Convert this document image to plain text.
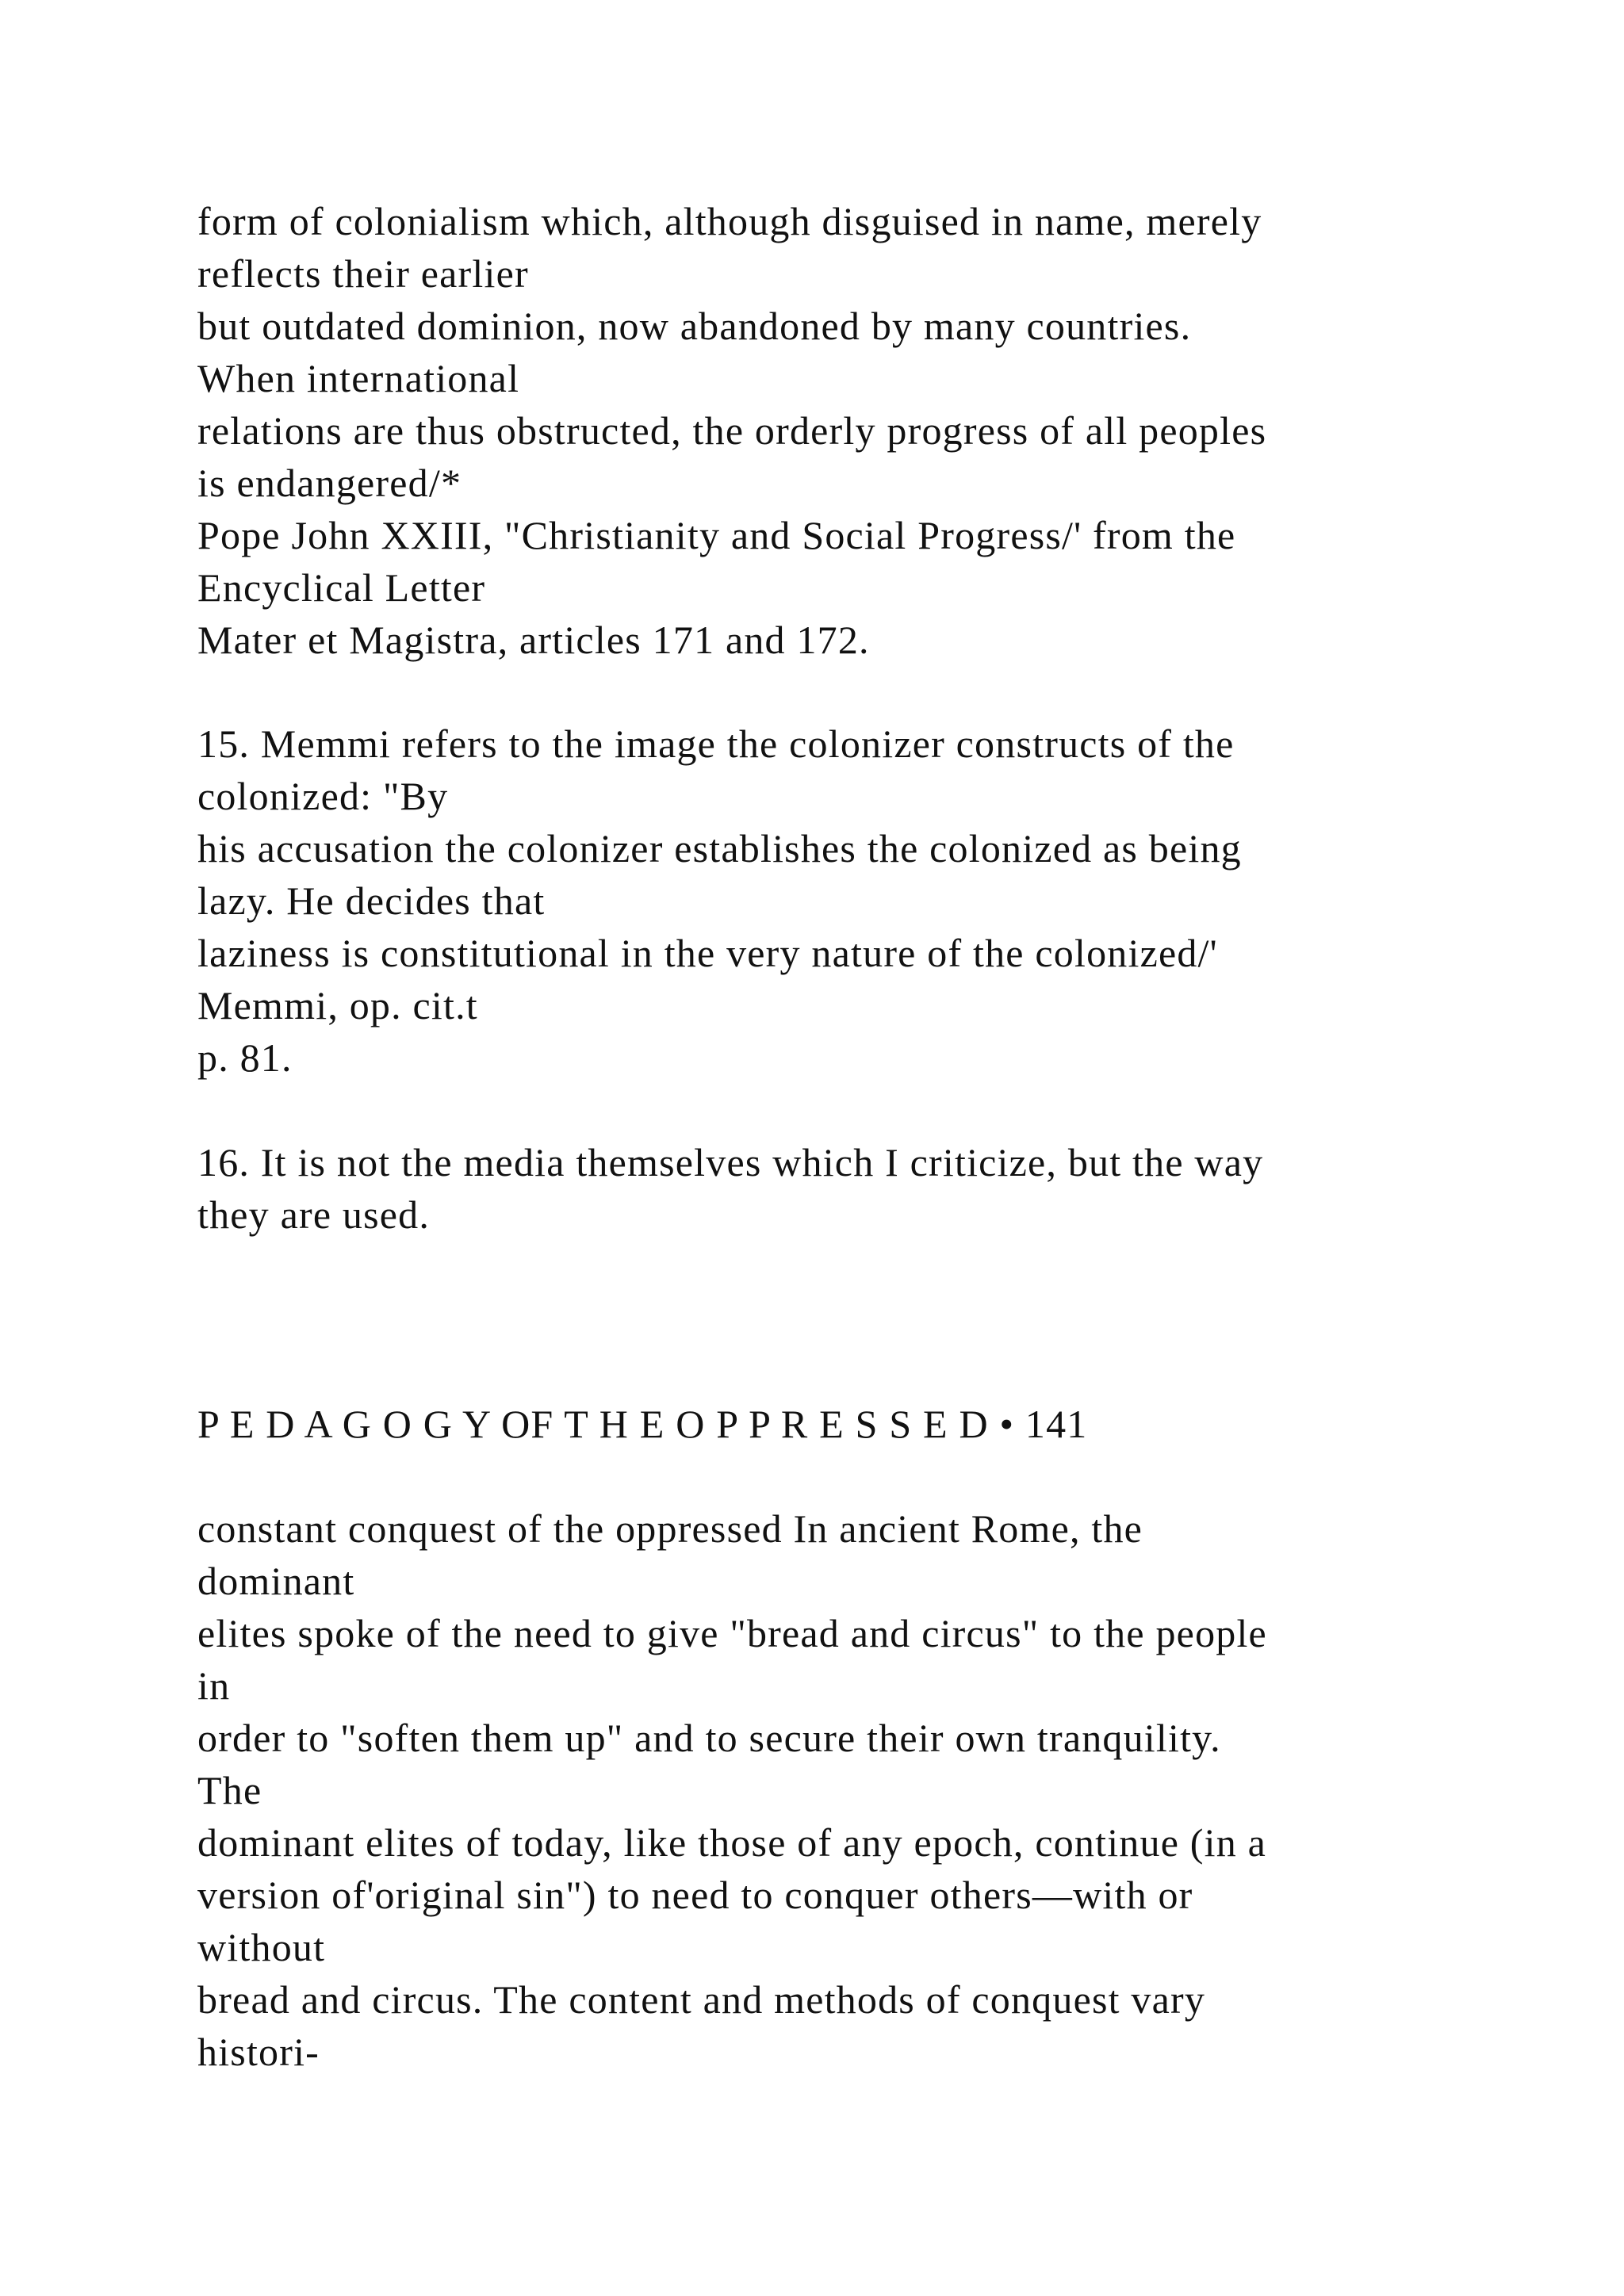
form of colonialism which, although disguised in name, merely
reflects their earlier
but outdated dominion, now abandoned by many countries.
When international
relations are thus obstructed, the orderly progress of all peoples
is endangered/*
Pope John XXIII, "Christianity and Social Progress/' from the
Encyclical Letter
Mater et Magistra, articles 171 and 172.
15. Memmi refers to the image the colonizer constructs of the
colonized: "By
his accusation the colonizer establishes the colonized as being
lazy. He decides that
laziness is constitutional in the very nature of the colonized/'
Memmi, op. cit.t
p. 81.
16. It is not the media themselves which I criticize, but the way
they are used.
P E D A G O G Y OF T H E O P P R E S S E D • 141
constant conquest of the oppressed In ancient Rome, the
dominant
elites spoke of the need to give "bread and circus" to the people
in
order to "soften them up" and to secure their own tranquility.
The
dominant elites of today, like those of any epoch, continue (in a
version of'original sin") to need to conquer others—with or
without
bread and circus. The content and methods of conquest vary
histori-
